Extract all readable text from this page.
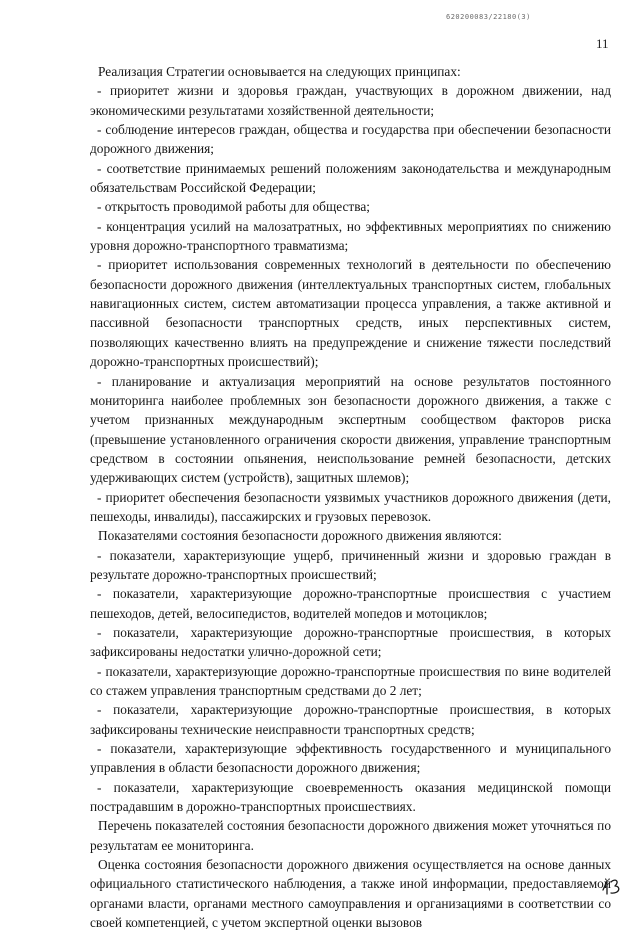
620200083/22180(3)
11

Реализация Стратегии основывается на следующих принципах:

- приоритет жизни и здоровья граждан, участвующих в дорожном движении, над экономическими результатами хозяйственной деятельности;

- соблюдение интересов граждан, общества и государства при обеспечении безопасности дорожного движения;

- соответствие принимаемых решений положениям законодательства и международным обязательствам Российской Федерации;

- открытость проводимой работы для общества;

- концентрация усилий на малозатратных, но эффективных мероприятиях по снижению уровня дорожно-транспортного травматизма;

- приоритет использования современных технологий в деятельности по обеспечению безопасности дорожного движения (интеллектуальных транспортных систем, глобальных навигационных систем, систем автоматизации процесса управления, а также активной и пассивной безопасности транспортных средств, иных перспективных систем, позволяющих качественно влиять на предупреждение и снижение тяжести последствий дорожно-транспортных происшествий);

- планирование и актуализация мероприятий на основе результатов постоянного мониторинга наиболее проблемных зон безопасности дорожного движения, а также с учетом признанных международным экспертным сообществом факторов риска (превышение установленного ограничения скорости движения, управление транспортным средством в состоянии опьянения, неиспользование ремней безопасности, детских удерживающих систем (устройств), защитных шлемов);

- приоритет обеспечения безопасности уязвимых участников дорожного движения (дети, пешеходы, инвалиды), пассажирских и грузовых перевозок.

Показателями состояния безопасности дорожного движения являются:

- показатели, характеризующие ущерб, причиненный жизни и здоровью граждан в результате дорожно-транспортных происшествий;

- показатели, характеризующие дорожно-транспортные происшествия с участием пешеходов, детей, велосипедистов, водителей мопедов и мотоциклов;

- показатели, характеризующие дорожно-транспортные происшествия, в которых зафиксированы недостатки улично-дорожной сети;

- показатели, характеризующие дорожно-транспортные происшествия по вине водителей со стажем управления транспортным средствами до 2 лет;

- показатели, характеризующие дорожно-транспортные происшествия, в которых зафиксированы технические неисправности транспортных средств;

- показатели, характеризующие эффективность государственного и муниципального управления в области безопасности дорожного движения;

- показатели, характеризующие своевременность оказания медицинской помощи пострадавшим в дорожно-транспортных происшествиях.

Перечень показателей состояния безопасности дорожного движения может уточняться по результатам ее мониторинга.

Оценка состояния безопасности дорожного движения осуществляется на основе данных официального статистического наблюдения, а также иной информации, предоставляемой органами власти, органами местного самоуправления и организациями в соответствии со своей компетенцией, с учетом экспертной оценки вызовов
